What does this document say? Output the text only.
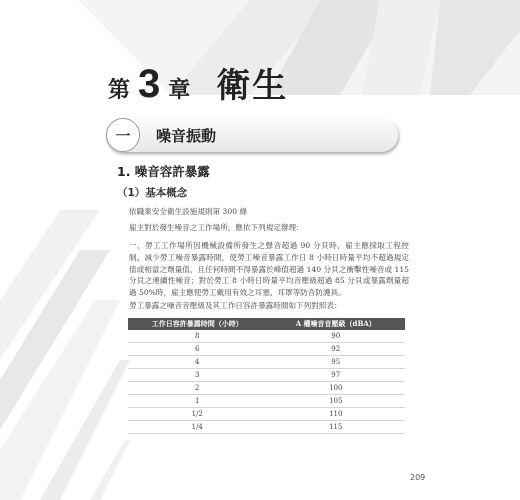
第 3 章 衛生
一	噪音振動
1. 噪音容許暴露
（1）基本概念

依職業安全衛生設施規則第 300 條

雇主對於發生噪音之工作場所，應依下列規定辦理：

一、勞工工作場所因機械設備所發生之聲音超過 90 分貝時，雇主應採取工程控制、減少勞工噪音暴露時間，使勞工噪音暴露工作日 8 小時日時量平均不超過規定值或相當之劑量值，且任何時間不得暴露於峰值超過 140 分貝之衝擊性噪音或 115 分貝之連續性噪音；對於勞工 8 小時日時量平均音壓級超過 85 分貝或暴露劑量超過 50%時，雇主應使勞工戴用有效之耳塞、耳罩等防音防護具。

勞工暴露之噪音音壓級及其工作日容許暴露時間如下列對照表：

工作日容許暴露時間（小時）	A 權噪音音壓級（dBA）
8	90
6	92
4	95
3	97
2	100
1	105
1/2	110
1/4	115
209
